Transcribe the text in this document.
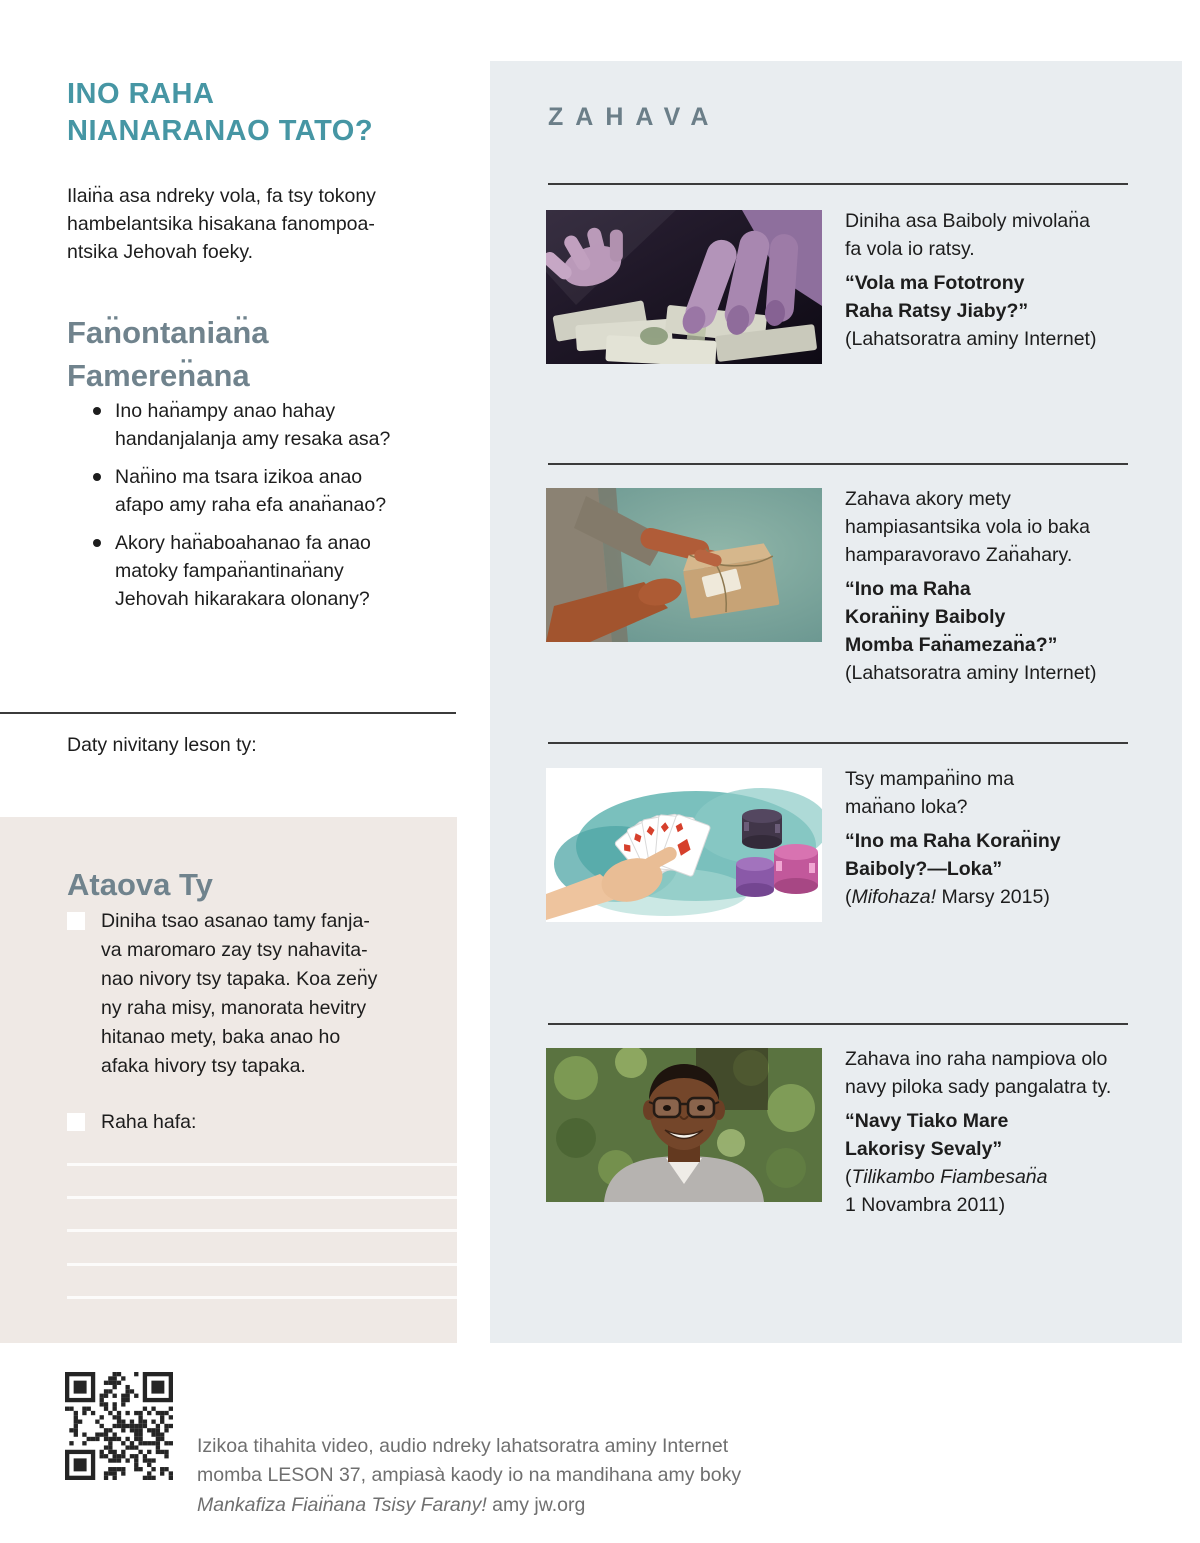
INO RAHA
NIANARANAO TATO?

Ilain̈a asa ndreky vola, fa tsy tokony
hambelantsika hisakana fanompoa-
ntsika Jehovah foeky.

Fan̈ontanian̈a
Fameren̈ana
Ino han̈ampy anao hahay
handanjalanja amy resaka asa?
Nan̈ino ma tsara izikoa anao
afapo amy raha efa anan̈anao?
Akory han̈aboahanao fa anao
matoky fampan̈antinan̈any
Jehovah hikarakara olonany?
Daty nivitany leson ty:
Ataova Ty
Diniha tsao asanao tamy fanja-
va maromaro zay tsy nahavita-
nao nivory tsy tapaka. Koa zen̈y
ny raha misy, manorata hevitry
hitanao mety, baka anao ho
afaka hivory tsy tapaka.
Raha hafa:
ZAHAVA
Diniha asa Baiboly mivolan̈a
fa vola io ratsy.
“Vola ma Fototrony
Raha Ratsy Jiaby?”
(Lahatsoratra aminy Internet)
Zahava akory mety
hampiasantsika vola io baka
hamparavoravo Zan̈ahary.
“Ino ma Raha
Koran̈iny Baiboly
Momba Fan̈amezan̈a?”
(Lahatsoratra aminy Internet)
Tsy mampan̈ino ma
man̈ano loka?
“Ino ma Raha Koran̈iny
Baiboly?—Loka”
(Mifohaza! Marsy 2015)
Zahava ino raha nampiova olo
navy piloka sady pangalatra ty.
“Navy Tiako Mare
Lakorisy Sevaly”
(Tilikambo Fiambesan̈a
1 Novambra 2011)

Izikoa tihahita video, audio ndreky lahatsoratra aminy Internet
momba LESON 37, ampiasà kaody io na mandihana amy boky
Mankafiza Fiain̈ana Tsisy Farany! amy jw.org
